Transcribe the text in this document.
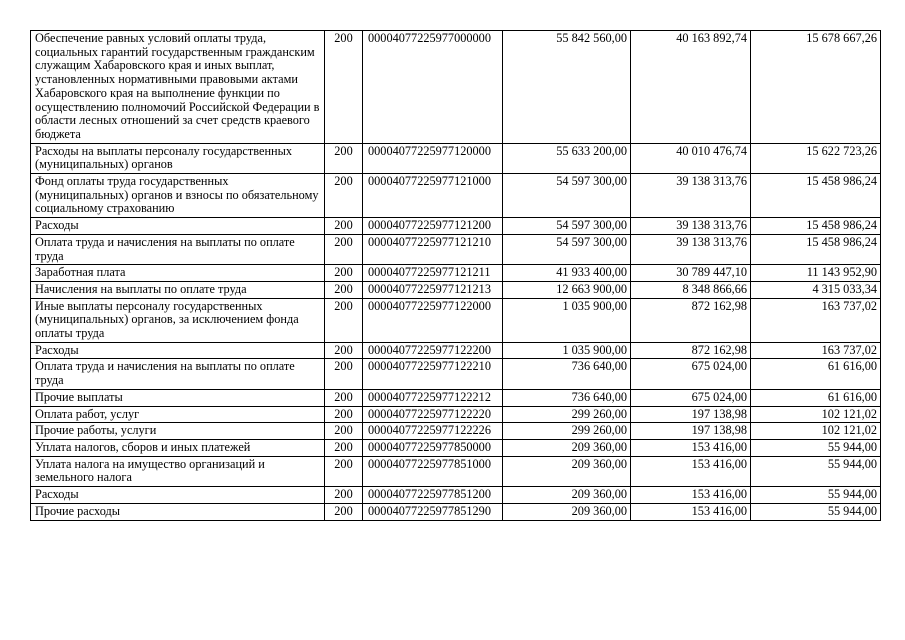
Обеспечение равных условий оплаты труда, социальных гарантий государственным гражданским служащим Хабаровского края и иных выплат, установленных нормативными правовыми актами Хабаровского края на выполнение функции по осуществлению полномочий Российской Федерации в области лесных отношений за счет средств краевого бюджета	200	00004077225977000000	55 842 560,00	40 163 892,74	15 678 667,26
Расходы на выплаты персоналу государственных (муниципальных) органов	200	00004077225977120000	55 633 200,00	40 010 476,74	15 622 723,26
Фонд оплаты труда государственных (муниципальных) органов и взносы по обязательному социальному страхованию	200	00004077225977121000	54 597 300,00	39 138 313,76	15 458 986,24
Расходы	200	00004077225977121200	54 597 300,00	39 138 313,76	15 458 986,24
Оплата труда и начисления на выплаты по оплате труда	200	00004077225977121210	54 597 300,00	39 138 313,76	15 458 986,24
Заработная плата	200	00004077225977121211	41 933 400,00	30 789 447,10	11 143 952,90
Начисления на выплаты по оплате труда	200	00004077225977121213	12 663 900,00	8 348 866,66	4 315 033,34
Иные выплаты персоналу государственных (муниципальных) органов, за исключением фонда оплаты труда	200	00004077225977122000	1 035 900,00	872 162,98	163 737,02
Расходы	200	00004077225977122200	1 035 900,00	872 162,98	163 737,02
Оплата труда и начисления на выплаты по оплате труда	200	00004077225977122210	736 640,00	675 024,00	61 616,00
Прочие выплаты	200	00004077225977122212	736 640,00	675 024,00	61 616,00
Оплата работ, услуг	200	00004077225977122220	299 260,00	197 138,98	102 121,02
Прочие работы, услуги	200	00004077225977122226	299 260,00	197 138,98	102 121,02
Уплата налогов, сборов и иных платежей	200	00004077225977850000	209 360,00	153 416,00	55 944,00
Уплата налога на имущество организаций и земельного налога	200	00004077225977851000	209 360,00	153 416,00	55 944,00
Расходы	200	00004077225977851200	209 360,00	153 416,00	55 944,00
Прочие расходы	200	00004077225977851290	209 360,00	153 416,00	55 944,00
